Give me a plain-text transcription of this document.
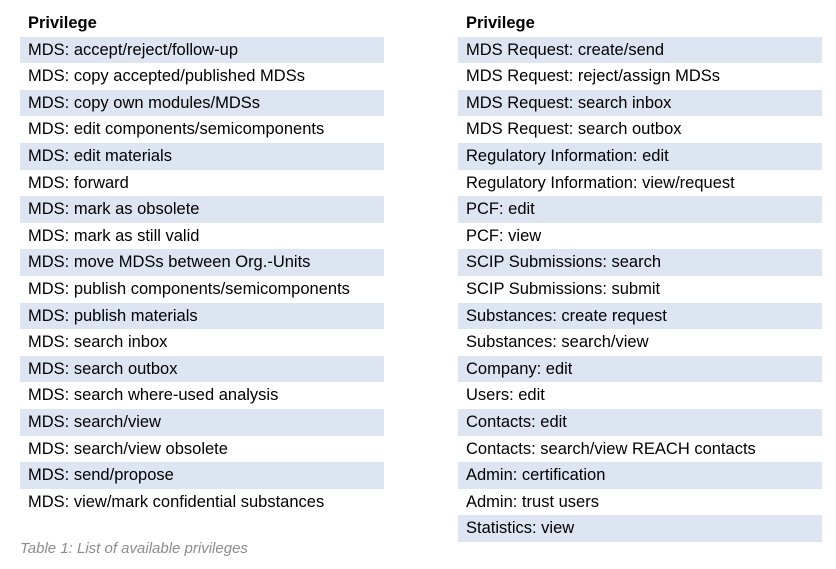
Privilege
MDS: accept/reject/follow-up
MDS: copy accepted/published MDSs
MDS: copy own modules/MDSs
MDS: edit components/semicomponents
MDS: edit materials
MDS: forward
MDS: mark as obsolete
MDS: mark as still valid
MDS: move MDSs between Org.-Units
MDS: publish components/semicomponents
MDS: publish materials
MDS: search inbox
MDS: search outbox
MDS: search where-used analysis
MDS: search/view
MDS: search/view obsolete
MDS: send/propose
MDS: view/mark confidential substances
Privilege
MDS Request: create/send
MDS Request: reject/assign MDSs
MDS Request: search inbox
MDS Request: search outbox
Regulatory Information: edit
Regulatory Information: view/request
PCF: edit
PCF: view
SCIP Submissions: search
SCIP Submissions: submit
Substances: create request
Substances: search/view
Company: edit
Users: edit
Contacts: edit
Contacts: search/view REACH contacts
Admin: certification
Admin: trust users
Statistics: view
Table 1: List of available privileges
